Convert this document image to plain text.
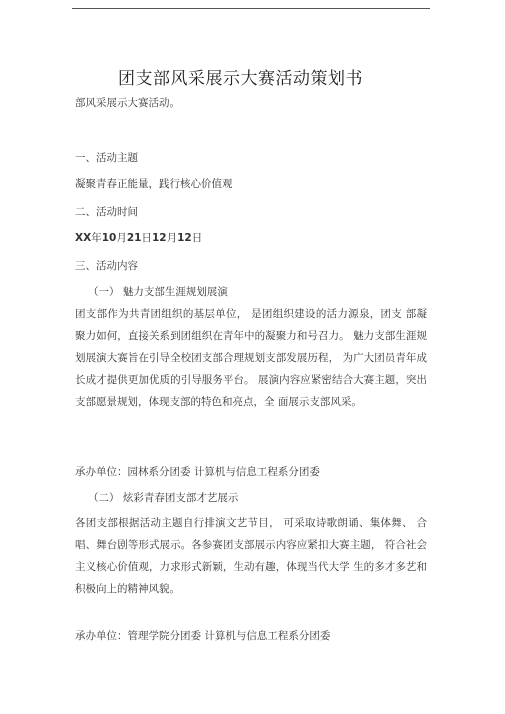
团支部风采展示大赛活动策划书
部风采展示大赛活动。
一、活动主题
凝聚青春正能量，践行核心价值观
二、活动时间
XX年10月21日12月12日
三、活动内容
（一） 魅力支部生涯规划展演

团支部作为共青团组织的基层单位， 是团组织建设的活力源泉，团支 部凝聚力如何，直接关系到团组织在青年中的凝聚力和号召力。 魅力支部生涯规划展演大赛旨在引导全校团支部合理规划支部发展历程， 为广大团员青年成长成才提供更加优质的引导服务平台。 展演内容应紧密结合大赛主题，突出支部愿景规划，体现支部的特色和亮点，全 面展示支部风采。

承办单位：园林系分团委 计算机与信息工程系分团委
（二） 炫彩青春团支部才艺展示

各团支部根据活动主题自行排演文艺节目， 可采取诗歌朗诵、集体舞、 合唱、舞台剧等形式展示。各参赛团支部展示内容应紧扣大赛主题， 符合社会主义核心价值观，力求形式新颖，生动有趣，体现当代大学 生的多才多艺和积极向上的精神风貌。

承办单位：管理学院分团委 计算机与信息工程系分团委
